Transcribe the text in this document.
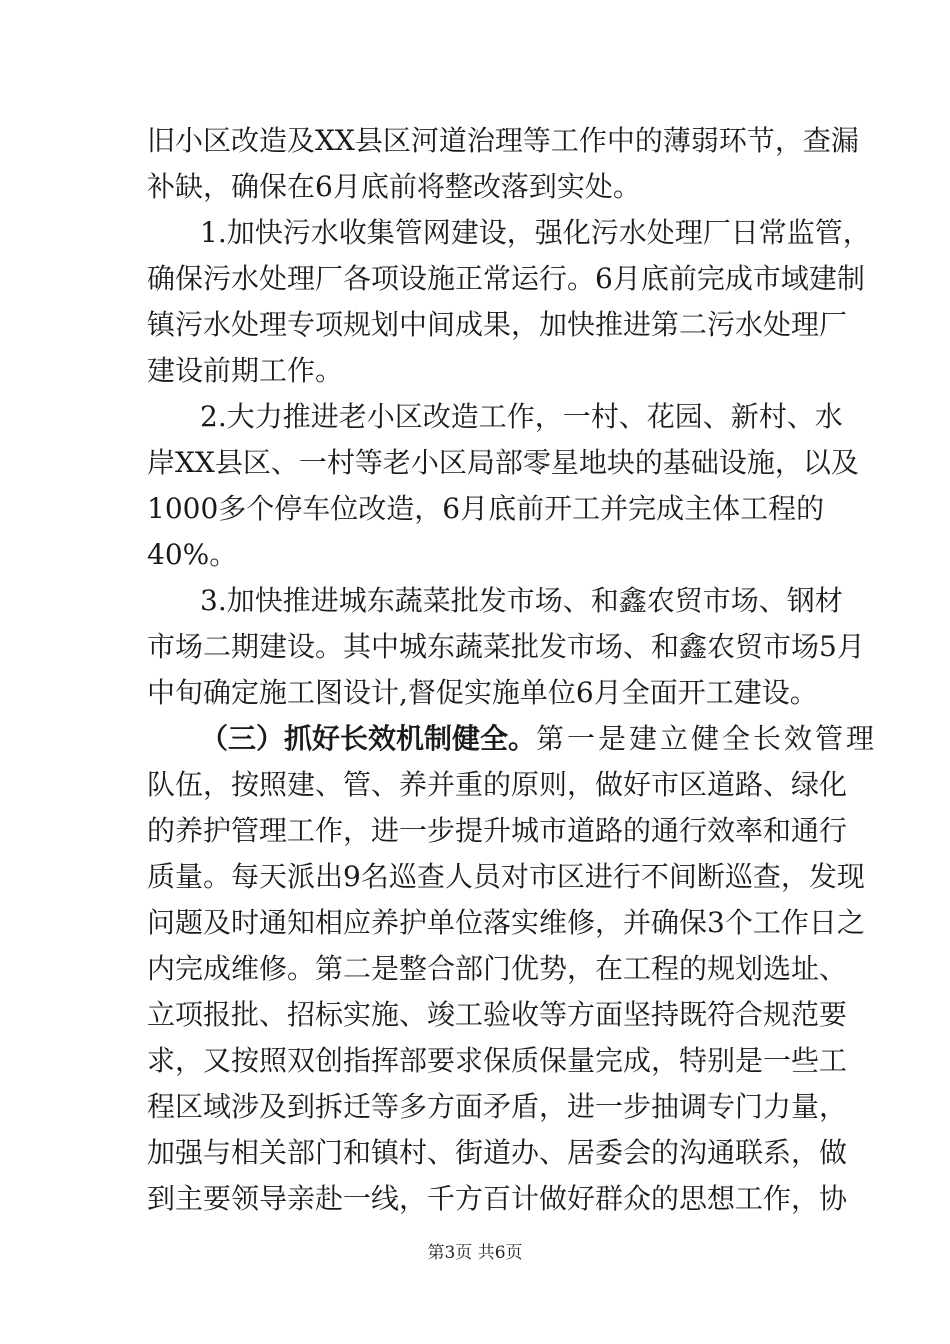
旧小区改造及XX县区河道治理等工作中的薄弱环节，查漏
补缺，确保在6月底前将整改落到实处。
1.加快污水收集管网建设，强化污水处理厂日常监管，
确保污水处理厂各项设施正常运行。6月底前完成市域建制
镇污水处理专项规划中间成果，加快推进第二污水处理厂
建设前期工作。
2.大力推进老小区改造工作，一村、花园、新村、水
岸XX县区、一村等老小区局部零星地块的基础设施，以及
1000多个停车位改造，6月底前开工并完成主体工程的
40%。
3.加快推进城东蔬菜批发市场、和鑫农贸市场、钢材
市场二期建设。其中城东蔬菜批发市场、和鑫农贸市场5月
中旬确定施工图设计,督促实施单位6月全面开工建设。
（三）抓好长效机制健全。 第一是建立健全长效管理
队伍，按照建、管、养并重的原则，做好市区道路、绿化
的养护管理工作，进一步提升城市道路的通行效率和通行
质量。每天派出9名巡查人员对市区进行不间断巡查，发现
问题及时通知相应养护单位落实维修，并确保3个工作日之
内完成维修。第二是整合部门优势，在工程的规划选址、
立项报批、招标实施、竣工验收等方面坚持既符合规范要
求，又按照双创指挥部要求保质保量完成，特别是一些工
程区域涉及到拆迁等多方面矛盾，进一步抽调专门力量，
加强与相关部门和镇村、街道办、居委会的沟通联系，做
到主要领导亲赴一线，千方百计做好群众的思想工作，协
第3页 共6页
